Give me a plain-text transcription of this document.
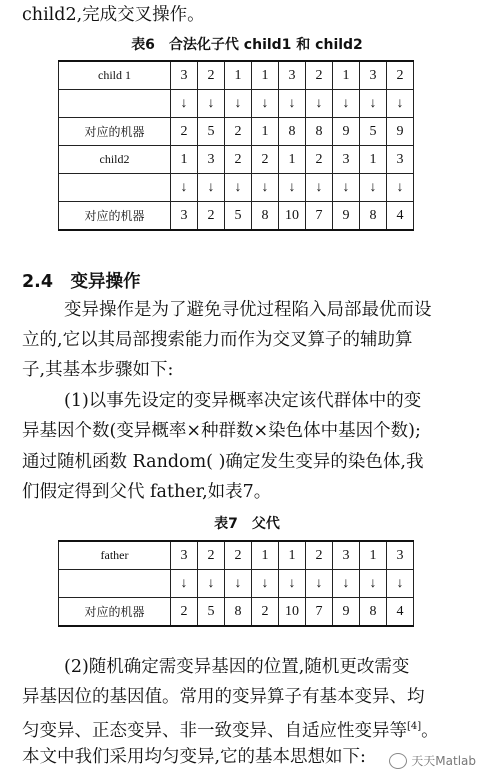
child2,完成交叉操作。
表6　合法化子代 child1 和 child2
child 1	3	2	1	1	3	2	1	3	2
	↓	↓	↓	↓	↓	↓	↓	↓	↓
对应的机器	2	5	2	1	8	8	9	5	9
child2	1	3	2	2	1	2	3	1	3
	↓	↓	↓	↓	↓	↓	↓	↓	↓
对应的机器	3	2	5	8	10	7	9	8	4
2.4　变异操作
变异操作是为了避免寻优过程陷入局部最优而设
立的,它以其局部搜索能力而作为交叉算子的辅助算
子,其基本步骤如下:
(1)以事先设定的变异概率决定该代群体中的变
异基因个数(变异概率×种群数×染色体中基因个数);
通过随机函数 Random( )确定发生变异的染色体,我
们假定得到父代 father,如表7。
表7　父代
father	3	2	2	1	1	2	3	1	3
	↓	↓	↓	↓	↓	↓	↓	↓	↓
对应的机器	2	5	8	2	10	7	9	8	4
(2)随机确定需变异基因的位置,随机更改需变
异基因位的基因值。常用的变异算子有基本变异、均
匀变异、正态变异、非一致变异、自适应性变异等[4]。
本文中我们采用均匀变异,它的基本思想如下:	天天Matlab
